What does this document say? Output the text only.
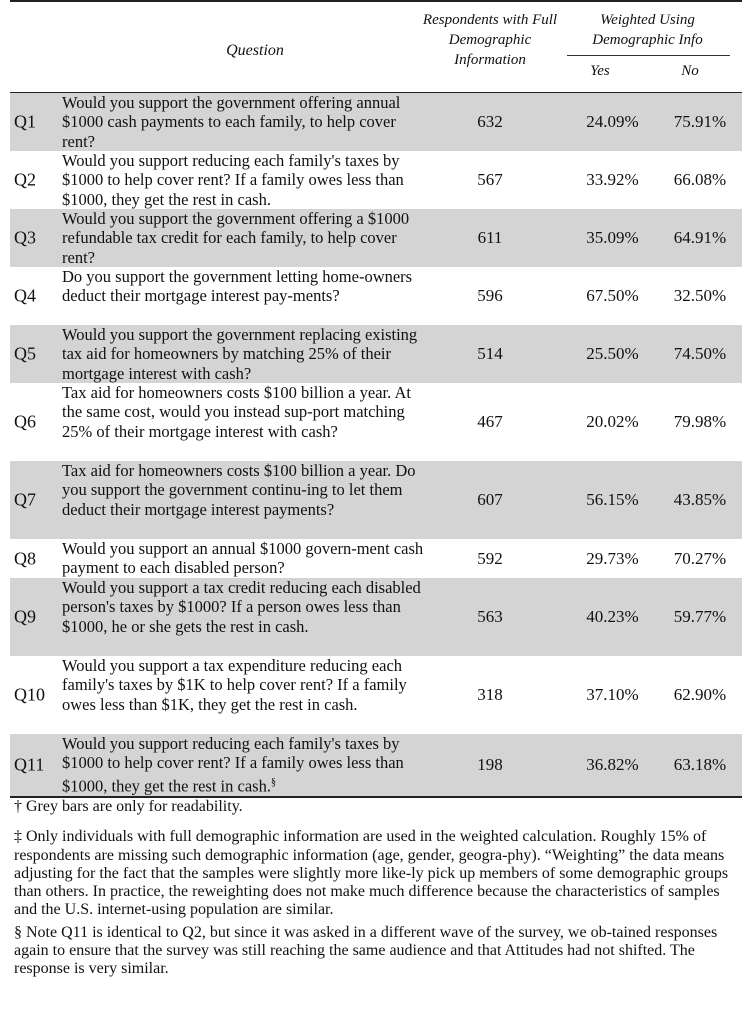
Question
Respondents with Full Demographic Information
Weighted Using Demographic Info
Yes	No
Q1
Would you support the government offering annual $1000 cash payments to each family, to help cover rent?
632	24.09%	75.91%
Q2
Would you support reducing each family's taxes by $1000 to help cover rent? If a family owes less than $1000, they get the rest in cash.
567	33.92%	66.08%
Q3
Would you support the government offering a $1000 refundable tax credit for each family, to help cover rent?
611	35.09%	64.91%
Q4
Do you support the government letting home-owners deduct their mortgage interest pay-ments?	596	67.50%	32.50%
Q5
Would you support the government replacing existing tax aid for homeowners by matching 25% of their mortgage interest with cash?
514	25.50%	74.50%
Q6
Tax aid for homeowners costs $100 billion a year. At the same cost, would you instead sup-port matching 25% of their mortgage interest with cash?
467	20.02%	79.98%
Q7
Tax aid for homeowners costs $100 billion a year. Do you support the government continu-ing to let them deduct their mortgage interest payments?
607	56.15%	43.85%
Q8 Would you support an annual $1000 govern-ment cash payment to each disabled person?
592	29.73%	70.27%
Q9
Would you support a tax credit reducing each disabled person's taxes by $1000? If a person owes less than $1000, he or she gets the rest in cash.
563	40.23%	59.77%
Q10
Would you support a tax expenditure reducing each family's taxes by $1K to help cover rent? If a family owes less than $1K, they get the rest in cash.
318	37.10%	62.90%
Q11
Would you support reducing each family's taxes by $1000 to help cover rent? If a family owes less than $1000, they get the rest in cash.§
198	36.82%	63.18%

† Grey bars are only for readability.

‡ Only individuals with full demographic information are used in the weighted calculation. Roughly 15% of respondents are missing such demographic information (age, gender, geogra-phy). “Weighting” the data means adjusting for the fact that the samples were slightly more like-ly pick up members of some demographic groups than others. In practice, the reweighting does not make much difference because the characteristics of samples and the U.S. internet-using population are similar.

§ Note Q11 is identical to Q2, but since it was asked in a different wave of the survey, we ob-tained responses again to ensure that the survey was still reaching the same audience and that Attitudes had not shifted. The response is very similar.
